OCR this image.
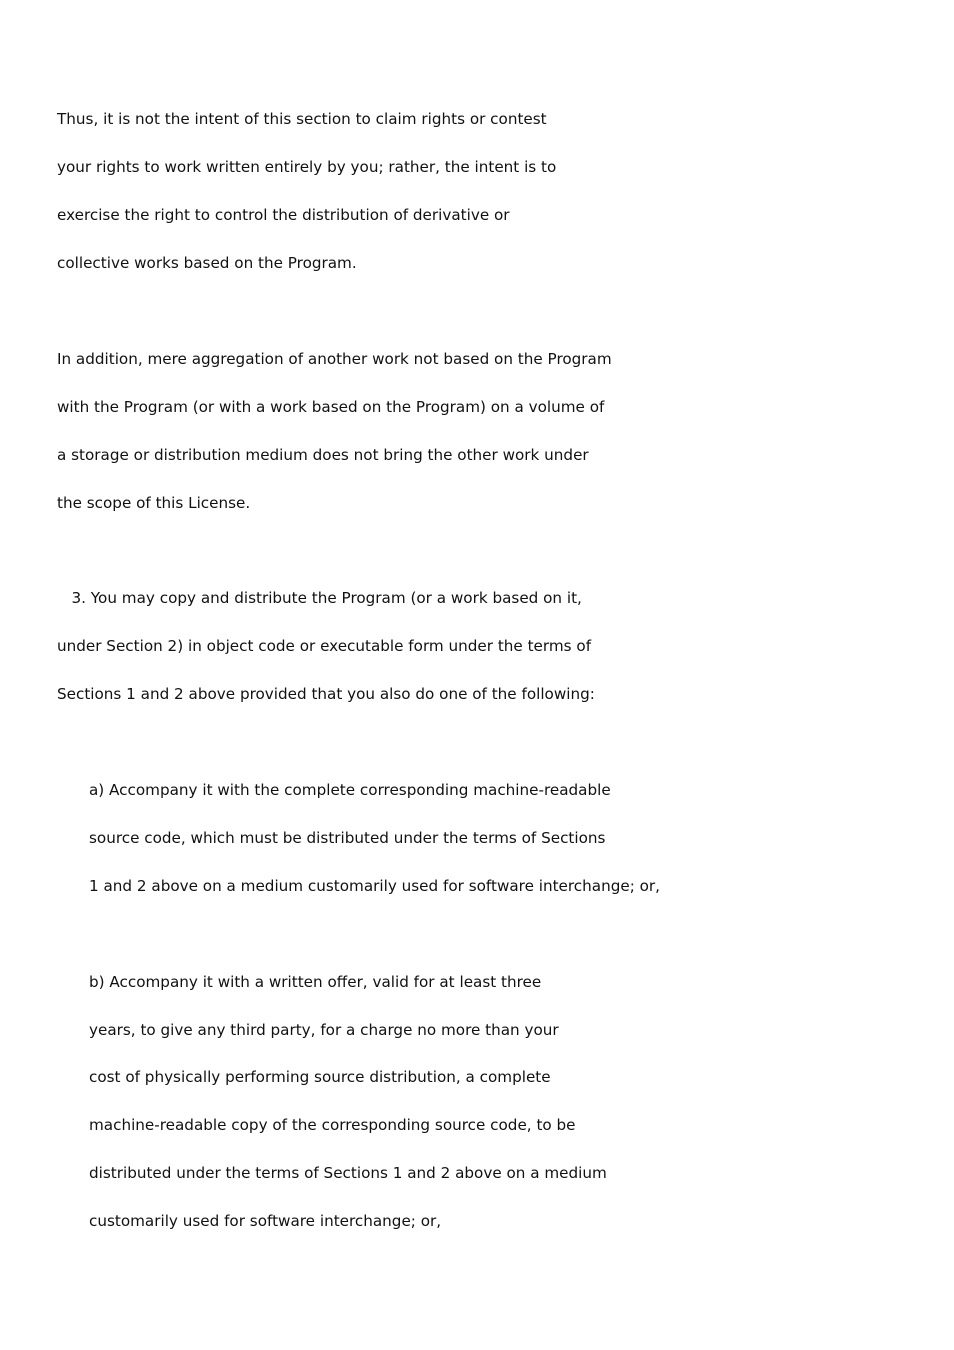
Thus, it is not the intent of this section to claim rights or contest
your rights to work written entirely by you; rather, the intent is to
exercise the right to control the distribution of derivative or
collective works based on the Program.
In addition, mere aggregation of another work not based on the Program
with the Program (or with a work based on the Program) on a volume of
a storage or distribution medium does not bring the other work under
the scope of this License.
3. You may copy and distribute the Program (or a work based on it,
under Section 2) in object code or executable form under the terms of
Sections 1 and 2 above provided that you also do one of the following:
a) Accompany it with the complete corresponding machine-readable
source code, which must be distributed under the terms of Sections
1 and 2 above on a medium customarily used for software interchange; or,
b) Accompany it with a written offer, valid for at least three
years, to give any third party, for a charge no more than your
cost of physically performing source distribution, a complete
machine-readable copy of the corresponding source code, to be
distributed under the terms of Sections 1 and 2 above on a medium
customarily used for software interchange; or,
